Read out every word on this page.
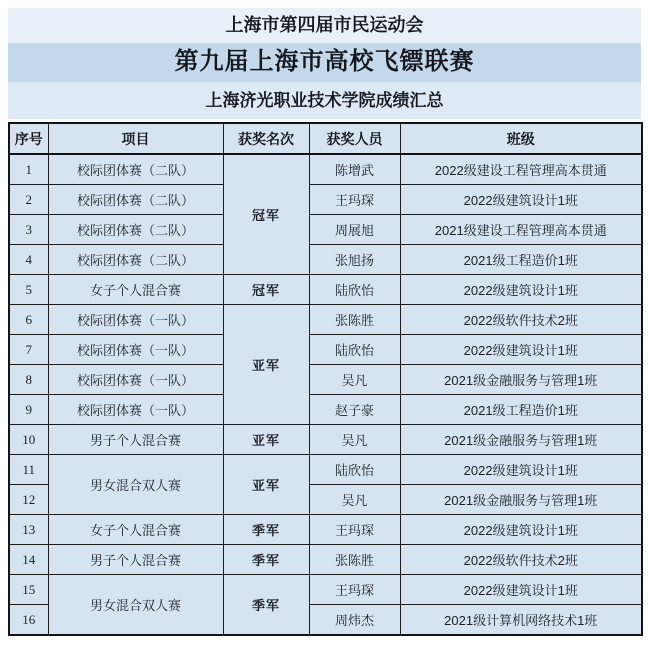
上海市第四届市民运动会
第九届上海市高校飞镖联赛
上海济光职业技术学院成绩汇总
序号	项目	获奖名次	获奖人员	班级
1	校际团体赛（二队）	冠军	陈增武	2022级建设工程管理高本贯通
2	校际团体赛（二队）		王玛琛	2022级建筑设计1班
3	校际团体赛（二队）		周展旭	2021级建设工程管理高本贯通
4	校际团体赛（二队）		张旭扬	2021级工程造价1班
5	女子个人混合赛	冠军	陆欣怡	2022级建筑设计1班
6	校际团体赛（一队）	亚军	张陈胜	2022级软件技术2班
7	校际团体赛（一队）		陆欣怡	2022级建筑设计1班
8	校际团体赛（一队）		吴凡	2021级金融服务与管理1班
9	校际团体赛（一队）		赵子豪	2021级工程造价1班
10	男子个人混合赛	亚军	吴凡	2021级金融服务与管理1班
11	男女混合双人赛	亚军	陆欣怡	2022级建筑设计1班
12			吴凡	2021级金融服务与管理1班
13	女子个人混合赛	季军	王玛琛	2022级建筑设计1班
14	男子个人混合赛	季军	张陈胜	2022级软件技术2班
15	男女混合双人赛	季军	王玛琛	2022级建筑设计1班
16			周炜杰	2021级计算机网络技术1班
